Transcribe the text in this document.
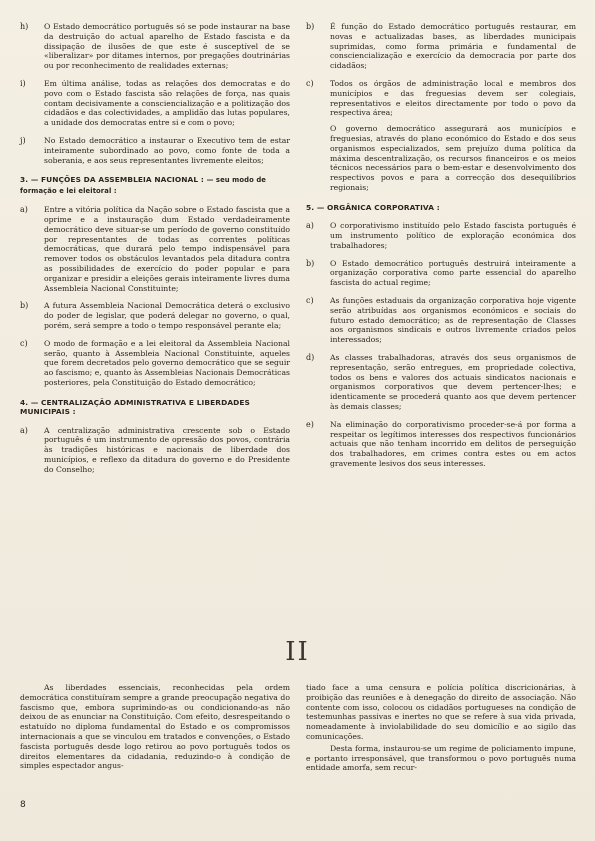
h) O Estado democrático português só se pode instaurar na base da destruição do actual aparelho de Estado fascista e da dissipação de ilusões de que este é susceptível de se «liberalizar» por ditames internos, por pregações doutrinárias ou por reconhecimento de realidades externas;
i) Em última análise, todas as relações dos democratas e do povo com o Estado fascista são relações de força, nas quais contam decisivamente a consciencialização e a politização dos cidadãos e das colectividades, a amplidão das lutas populares, a unidade dos democratas entre si e com o povo;
j) No Estado democrático a instaurar o Executivo tem de estar inteiramente subordinado ao povo, como fonte de toda a soberania, e aos seus representantes livremente eleitos;
3. — FUNÇÕES DA ASSEMBLEIA NACIONAL : — seu modo de formação e lei eleitoral :
a) Entre a vitória política da Nação sobre o Estado fascista que a oprime e a instauração dum Estado verdadeiramente democrático deve situar-se um período de governo constituído por representantes de todas as correntes políticas democráticas, que durará pelo tempo indispensável para remover todos os obstáculos levantados pela ditadura contra as possibilidades de exercício do poder popular e para organizar e presidir a eleições gerais inteiramente livres duma Assembleia Nacional Constituinte;
b) A futura Assembleia Nacional Democrática deterá o exclusivo do poder de legislar, que poderá delegar no governo, o qual, porém, será sempre a todo o tempo responsável perante ela;
c) O modo de formação e a lei eleitoral da Assembleia Nacional serão, quanto à Assembleia Nacional Constituinte, aqueles que forem decretados pelo governo democrático que se seguir ao fascismo; e, quanto às Assembleias Nacionais Democráticas posteriores, pela Constituição do Estado democrático;
4. — CENTRALIZAÇÃO ADMINISTRATIVA E LIBERDADES MUNICIPAIS :
a) A centralização administrativa crescente sob o Estado português é um instrumento de opressão dos povos, contrária às tradições históricas e nacionais de liberdade dos municípios, e reflexo da ditadura do governo e do Presidente do Conselho;
b) É função do Estado democrático português restaurar, em novas e actualizadas bases, as liberdades municipais suprimidas, como forma primária e fundamental de consciencialização e exercício da democracia por parte dos cidadãos;
c) Todos os órgãos de administração local e membros dos municípios e das freguesias devem ser colegiais, representativos e eleitos directamente por todo o povo da respectiva área;
O governo democrático assegurará aos municípios e freguesias, através do plano económico do Estado e dos seus organismos especializados, sem prejuízo duma política da máxima descentralização, os recursos financeiros e os meios técnicos necessários para o bem-estar e desenvolvimento dos respectivos povos e para a correcção dos desequilíbrios regionais;
5. — ORGÂNICA CORPORATIVA :
a) O corporativismo instituído pelo Estado fascista português é um instrumento político de exploração económica dos trabalhadores;
b) O Estado democrático português destruirá inteiramente a organização corporativa como parte essencial do aparelho fascista do actual regime;
c) As funções estaduais da organização corporativa hoje vigente serão atribuídas aos organismos económicos e sociais do futuro estado democrático; as de representação de Classes aos organismos sindicais e outros livremente criados pelos interessados;
d) As classes trabalhadoras, através dos seus organismos de representação, serão entregues, em propriedade colectiva, todos os bens e valores dos actuais sindicatos nacionais e organismos corporativos que devem pertencer-lhes; e identicamente se procederá quanto aos que devem pertencer às demais classes;
e) Na eliminação do corporativismo proceder-se-á por forma a respeitar os legítimos interesses dos respectivos funcionários actuais que não tenham incorrido em delitos de perseguição dos trabalhadores, em crimes contra estes ou em actos gravemente lesivos dos seus interesses.
II

As liberdades essenciais, reconhecidas pela ordem democrática constituíram sempre a grande preocupação negativa do fascismo que, embora suprimindo-as ou condicionando-as não deixou de as enunciar na Constituição. Com efeito, desrespeitando o estatuído no diploma fundamental do Estado e os compromissos internacionais a que se vinculou em tratados e convenções, o Estado fascista português desde logo retirou ao povo português todos os direitos elementares da cidadania, reduzindo-o à condição de simples espectador angus-

tiado face a uma censura e polícia política discricionárias, à proibição das reuniões e à denegação do direito de associação. Não contente com isso, colocou os cidadãos portugueses na condição de testemunhas passivas e inertes no que se refere à sua vida privada, nomeadamente à inviolabilidade do seu domicílio e ao sigilo das comunicações.

Desta forma, instaurou-se um regime de policiamento impune, e portanto irresponsável, que transformou o povo português numa entidade amorfa, sem recur-

8
